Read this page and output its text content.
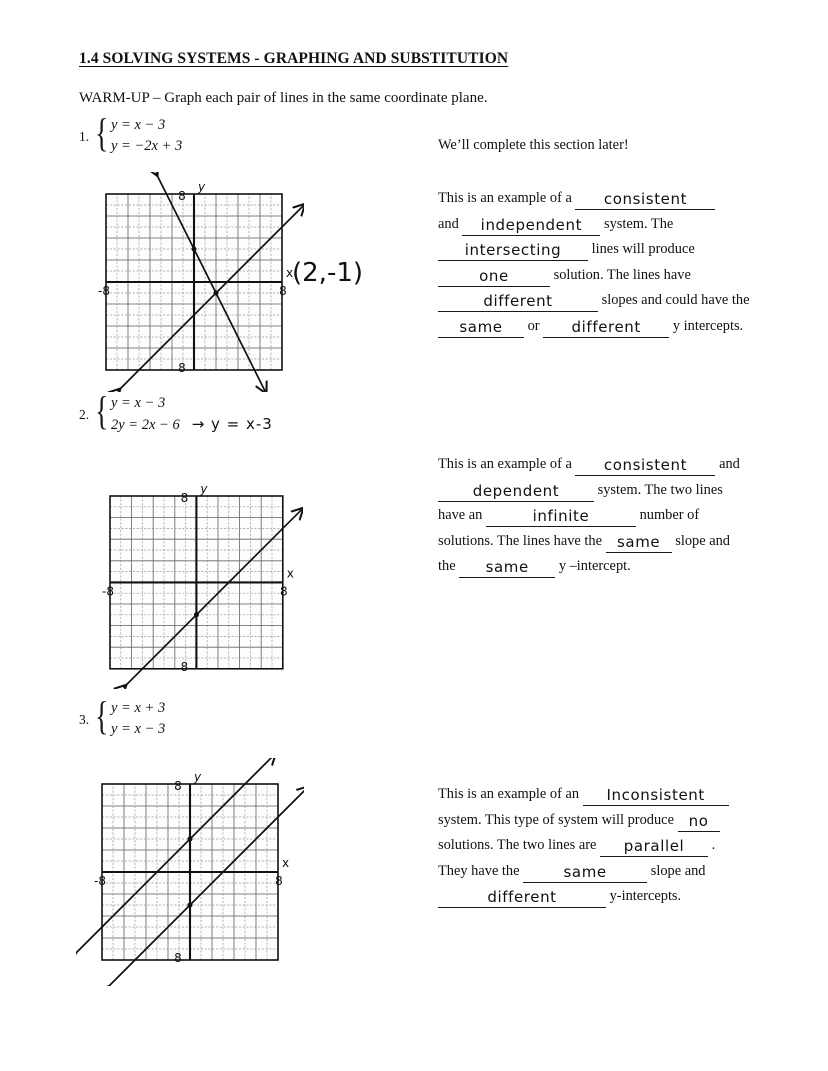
1.4 SOLVING SYSTEMS - GRAPHING AND SUBSTITUTION
WARM-UP – Graph each pair of lines in the same coordinate plane.
1. { y = x − 3
y = −2x + 3
2. { y = x − 3
2y = 2x − 6 → y = x-3
3. { y = x + 3
y = x − 3
y
x
8
8
-8	8
(2,-1)
y
x
8
8
-8	8
y
x
8
8
-8	8
We’ll complete this section later!
This is an example of a consistent
and independent system. The
intersecting lines will produce
one	solution. The lines have
different	slopes and could have the
same or different y intercepts.
This is an example of a consistent and
dependent	system. The two lines
have an	infinite	number of
solutions. The lines have the same slope and
the same y –intercept.
This is an example of an Inconsistent
system. This type of system will produce no
solutions. The two lines are parallel .
They have the	same	slope and
different	y-intercepts.
